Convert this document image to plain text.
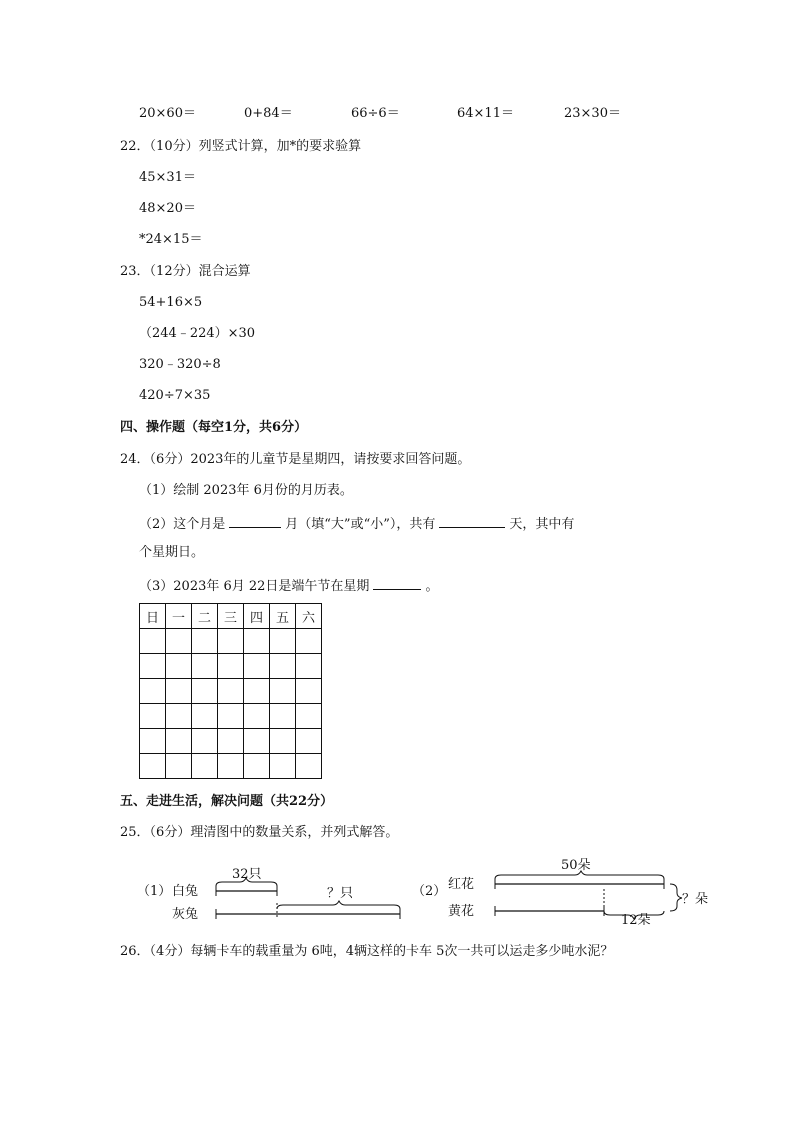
20×60＝	0+84＝	66÷6＝	64×11＝	23×30＝
22．（10分）列竖式计算，加*的要求验算
45×31＝
48×20＝
*24×15＝
23．（12分）混合运算
54+16×5
（244﹣224）×30
320﹣320÷8
420÷7×35
四、操作题（每空1分，共6分）
24．（6分）2023年的儿童节是星期四，请按要求回答问题。
（1）绘制 2023年 6月份的月历表。
（2）这个月是	月（填“大”或“小”），共有	天，其中有
个星期日。
（3）2023年 6月 22日是端午节在星期	。
日	一	二	三	四	五	六

五、走进生活，解决问题（共22分）
25．（6分）理清图中的数量关系，并列式解答。
（1） 白兔
灰兔
32只
？只	（2） 红花
黄花
50朵
12朵
？朵
26．（4分）每辆卡车的载重量为 6吨，4辆这样的卡车 5次一共可以运走多少吨水泥？
